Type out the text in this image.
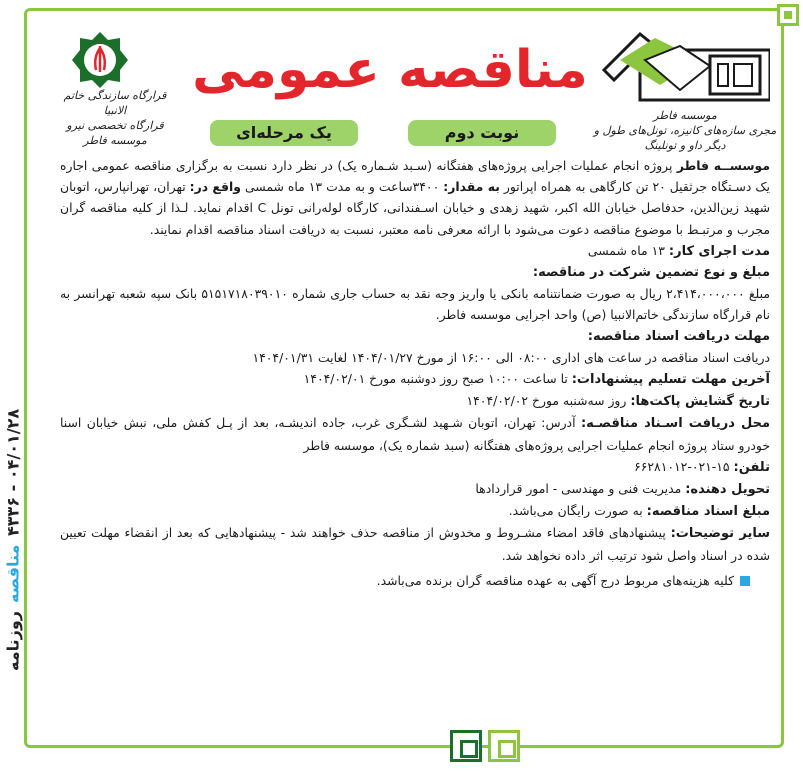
روزنامه
مناقصه
۴۳۳۶ - ۰۴/۰۱/۲۸
موسسه فاطر
مجری سازه‌های کانیزه، تونل‌های طول و دیگر داو و تونلینگ
مناقصه عمومی
قرارگاه سازندگی خاتم الانبیا
قرارگاه تخصصی نیرو
موسسه فاطر	نوبت دوم
یک مرحله‌ای

موسســه فاطر پروژه انجام عملیات اجرایی پروژه‌های هفتگانه (سـبد شـماره یک) در نظر دارد نسبت به برگزاری مناقصه عمومی اجاره یک دسـتگاه جرثقیل ۲۰ تن کارگاهی به همراه اپراتور به مقدار: ۳۴۰۰ساعت و به مدت ۱۳ ماه شمسی واقع در: تهران، تهرانپارس، اتوبان شهید زین‌الدین، حدفاصل خیابان الله اکبر، شهید زهدی و خیابان اسـفندانی، کارگاه لوله‌رانی تونل C اقدام نماید. لـذا از کلیه مناقصه گران مجرب و مرتبـط با موضوع مناقصه دعوت می‌شود با ارائه معرفی نامه معتبر، نسبت به دریافت اسناد مناقصه اقدام نمایند.

مدت اجرای کار: ۱۳ ماه شمسی

مبلغ و نوع تضمین شرکت در مناقصه:

مبلغ ۲،۴۱۴،۰۰۰،۰۰۰ ریال به صورت ضمانتنامه بانکی یا واریز وجه نقد به حساب جاری شماره ۵۱۵۱۷۱۸۰۳۹۰۱۰ بانک سپه شعبه تهرانسر به نام قرارگاه سازندگی خاتم‌الانبیا (ص) واحد اجرایی موسسه فاطر.

مهلت دریافت اسناد مناقصه:

دریافت اسناد مناقصه در ساعت های اداری ۰۸:۰۰ الی ۱۶:۰۰ از مورخ ۱۴۰۴/۰۱/۲۷ لغایت ۱۴۰۴/۰۱/۳۱

آخرین مهلت تسلیم پیشنهادات: تا ساعت ۱۰:۰۰ صبح روز دوشنبه مورخ ۱۴۰۴/۰۲/۰۱

تاریخ گشایش پاکت‌ها: روز سه‌شنبه مورخ ۱۴۰۴/۰۲/۰۲

محل دریافت اسـناد مناقصـه: آدرس: تهران، اتوبان شـهید لشـگری غرب، جاده اندیشـه، بعد از پـل کفش ملی، نبش خیابان اسنا خودرو ستاد پروژه انجام عملیات اجرایی پروژه‌های هفتگانه (سبد شماره یک)، موسسه فاطر

تلفن: ۱۵-۰۲۱-۶۶۲۸۱۰۱۲

تحویل دهنده: مدیریت فنی و مهندسی - امور قراردادها

مبلغ اسناد مناقصه: به صورت رایگان می‌باشد.

سایر توضیحات: پیشنهادهای فاقد امضاء مشـروط و مخدوش از مناقصه حذف خواهند شد - پیشنهادهایی که بعد از انقضاء مهلت تعیین شده در اسناد واصل شود ترتیب اثر داده نخواهد شد.

کلیه هزینه‌های مربوط درج آگهی به عهده مناقصه گران برنده می‌باشد.
